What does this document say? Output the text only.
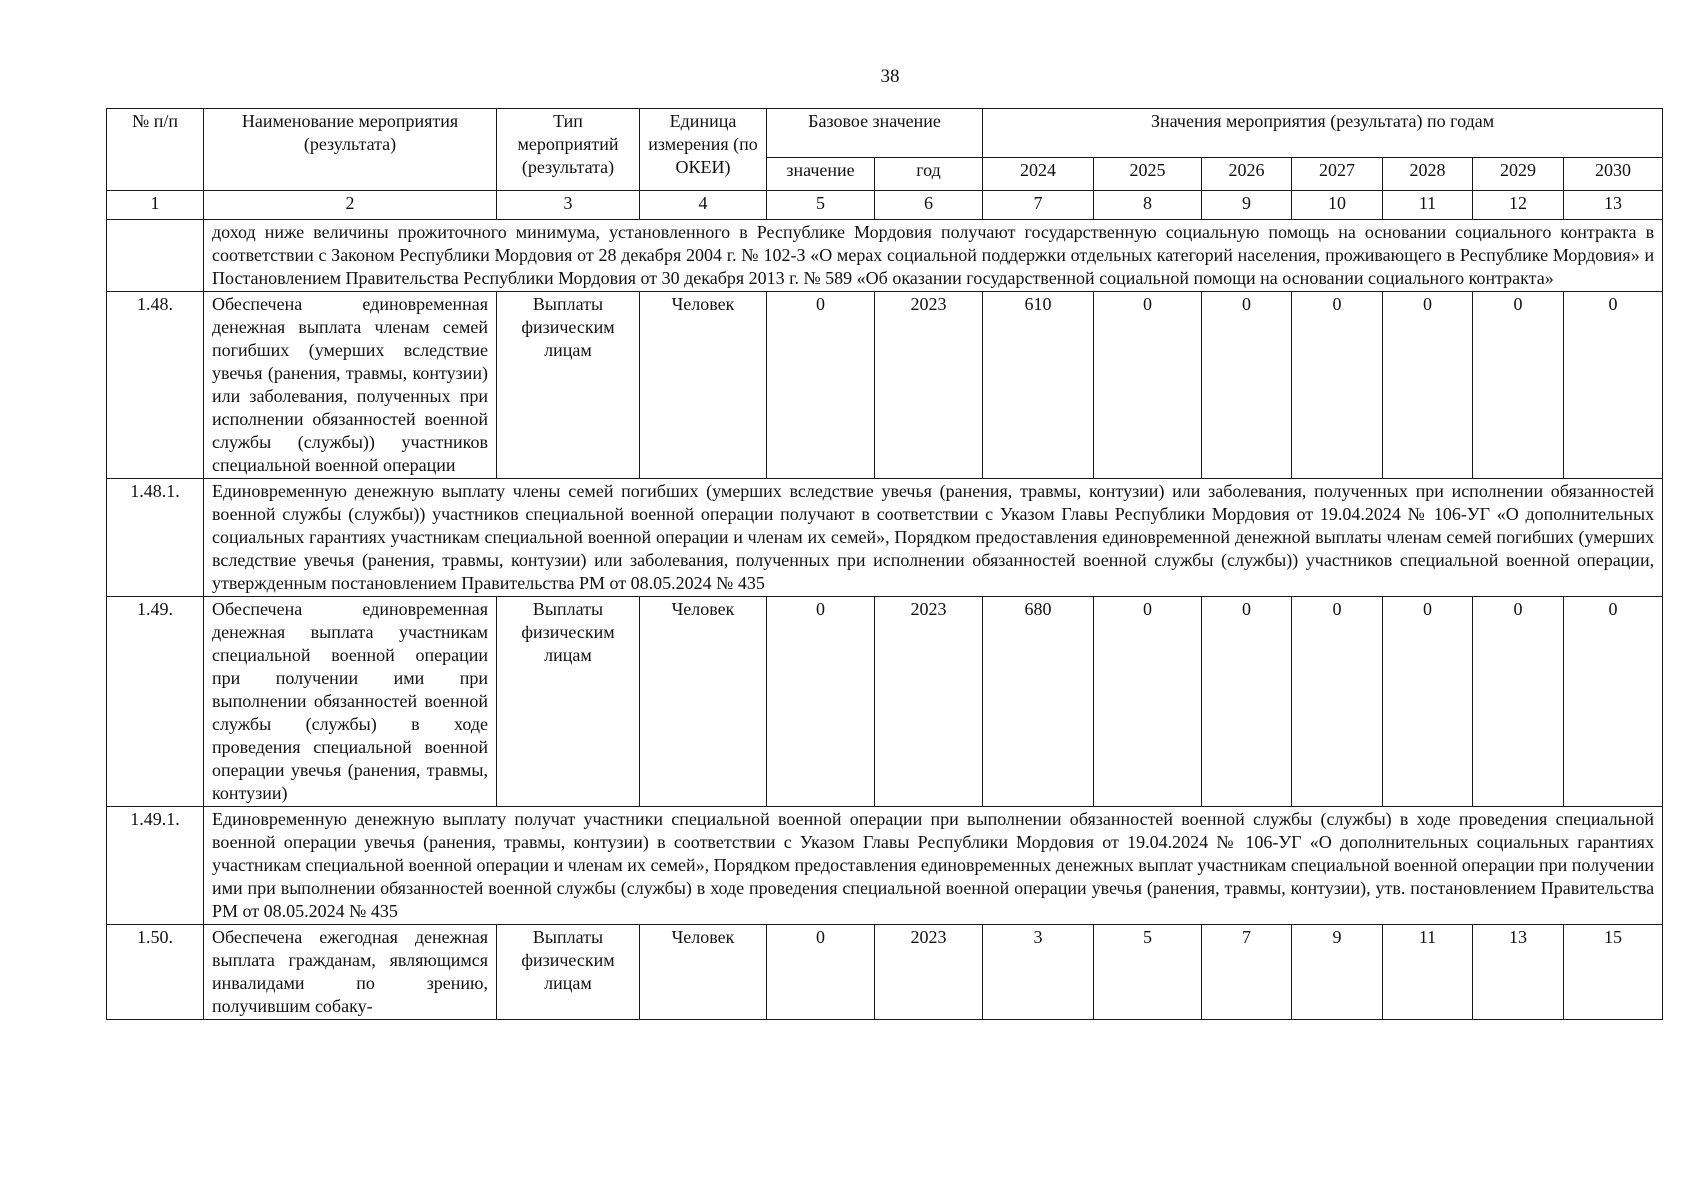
38
№ п/п	Наименование мероприятия (результата)	Тип мероприятий (результата)	Единица измерения (по ОКЕИ)	Базовое значение		Значения мероприятия (результата) по годам						
				значение	год	2024	2025	2026	2027	2028	2029	2030
1	2	3	4	5	6	7	8	9	10	11	12	13
	доход ниже величины прожиточного минимума, установленного в Республике Мордовия получают государственную социальную помощь на основании социального контракта в соответствии с Законом Республики Мордовия от 28 декабря 2004 г. № 102-З «О мерах социальной поддержки отдельных категорий населения, проживающего в Республике Мордовия» и Постановлением Правительства Республики Мордовия от 30 декабря 2013 г. № 589 «Об оказании государственной социальной помощи на основании социального контракта»											
1.48.	Обеспечена единовременная денежная выплата членам семей погибших (умерших вследствие увечья (ранения, травмы, контузии) или заболевания, полученных при исполнении обязанностей военной службы (службы)) участников специальной военной операции	Выплаты физическим лицам	Человек	0	2023	610	0	0	0	0	0	0
1.48.1.	Единовременную денежную выплату члены семей погибших (умерших вследствие увечья (ранения, травмы, контузии) или заболевания, полученных при исполнении обязанностей военной службы (службы)) участников специальной военной операции получают в соответствии с Указом Главы Республики Мордовия от 19.04.2024 № 106-УГ «О дополнительных социальных гарантиях участникам специальной военной операции и членам их семей», Порядком предоставления единовременной денежной выплаты членам семей погибших (умерших вследствие увечья (ранения, травмы, контузии) или заболевания, полученных при исполнении обязанностей военной службы (службы)) участников специальной военной операции, утвержденным постановлением Правительства РМ от 08.05.2024 № 435											
1.49.	Обеспечена единовременная денежная выплата участникам специальной военной операции при получении ими при выполнении обязанностей военной службы (службы) в ходе проведения специальной военной операции увечья (ранения, травмы, контузии)	Выплаты физическим лицам	Человек	0	2023	680	0	0	0	0	0	0
1.49.1.	Единовременную денежную выплату получат участники специальной военной операции при выполнении обязанностей военной службы (службы) в ходе проведения специальной военной операции увечья (ранения, травмы, контузии) в соответствии с Указом Главы Республики Мордовия от 19.04.2024 № 106-УГ «О дополнительных социальных гарантиях участникам специальной военной операции и членам их семей», Порядком предоставления единовременных денежных выплат участникам специальной военной операции при получении ими при выполнении обязанностей военной службы (службы) в ходе проведения специальной военной операции увечья (ранения, травмы, контузии), утв. постановлением Правительства РМ от 08.05.2024 № 435											
1.50.	Обеспечена ежегодная денежная выплата гражданам, являющимся инвалидами по зрению, получившим собаку-	Выплаты физическим лицам	Человек	0	2023	3	5	7	9	11	13	15
